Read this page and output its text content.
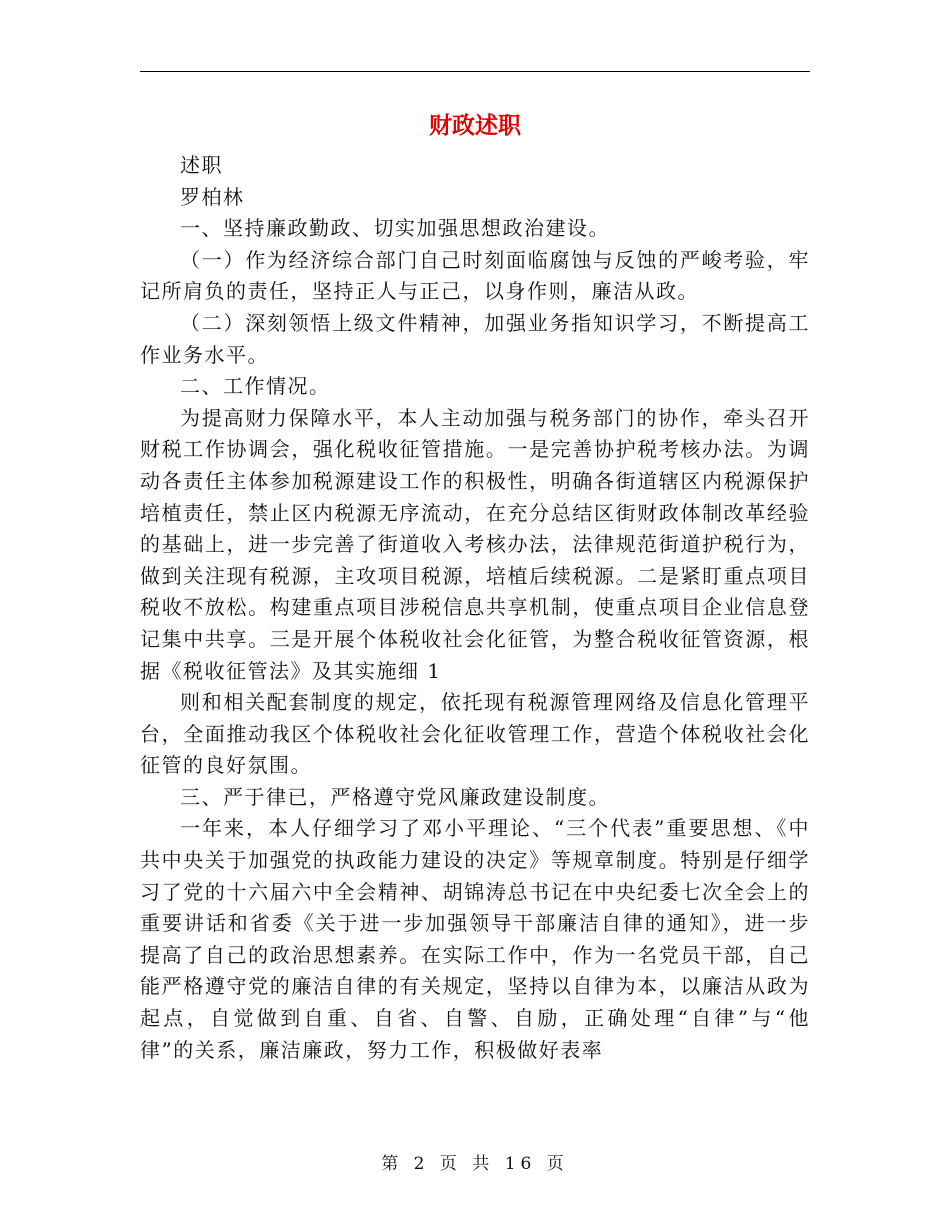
财政述职

述职

罗柏林

一、坚持廉政勤政、切实加强思想政治建设。

（一）作为经济综合部门自己时刻面临腐蚀与反蚀的严峻考验，牢记所肩负的责任，坚持正人与正己，以身作则，廉洁从政。

（二）深刻领悟上级文件精神，加强业务指知识学习，不断提高工作业务水平。

二、工作情况。

为提高财力保障水平，本人主动加强与税务部门的协作，牵头召开财税工作协调会，强化税收征管措施。一是完善协护税考核办法。为调动各责任主体参加税源建设工作的积极性，明确各街道辖区内税源保护培植责任，禁止区内税源无序流动，在充分总结区街财政体制改革经验的基础上，进一步完善了街道收入考核办法，法律规范街道护税行为，做到关注现有税源，主攻项目税源，培植后续税源。二是紧盯重点项目税收不放松。构建重点项目涉税信息共享机制，使重点项目企业信息登记集中共享。三是开展个体税收社会化征管，为整合税收征管资源，根据《税收征管法》及其实施细 1

则和相关配套制度的规定，依托现有税源管理网络及信息化管理平台，全面推动我区个体税收社会化征收管理工作，营造个体税收社会化征管的良好氛围。

三、严于律已，严格遵守党风廉政建设制度。

一年来，本人仔细学习了邓小平理论、“三个代表”重要思想、《中共中央关于加强党的执政能力建设的决定》等规章制度。特别是仔细学习了党的十六届六中全会精神、胡锦涛总书记在中央纪委七次全会上的重要讲话和省委《关于进一步加强领导干部廉洁自律的通知》，进一步提高了自己的政治思想素养。在实际工作中，作为一名党员干部，自己能严格遵守党的廉洁自律的有关规定，坚持以自律为本，以廉洁从政为起点，自觉做到自重、自省、自警、自励，正确处理“自律”与“他律”的关系，廉洁廉政，努力工作，积极做好表率

第 2 页 共 16 页
